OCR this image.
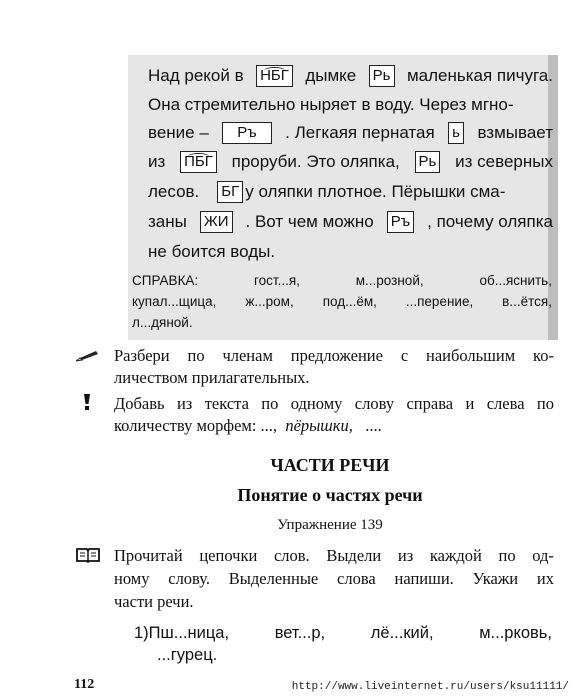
Над рекой в НБГ дымке Рь маленькая пичуга.
Она стремительно ныряет в воду. Через мгно-
вение –	Ръ	. Легкаяя пернатая ь взмывает
из ПБГ проруби. Это оляпка, Рь из северных
лесов. БГ у оляпки плотное. Пёрышки сма-
заны ЖИ . Вот чем можно Ръ , почему оляпка
не боится воды.
СПРАВКА:	гост...я,	м...розной,	об...яснить,
купал...щица, ж...ром, под...ём, ...перение, в...ётся,
л...дяной.
Разбери по членам предложение с наибольшим ко-
личеством прилагательных.
Добавь из текста по одному слову справа и слева по
количеству морфем: ..., пёрышки, ....
ЧАСТИ РЕЧИ
Понятие о частях речи
Упражнение 139
Прочитай цепочки слов. Выдели из каждой по од-
ному слову. Выделенные слова напиши. Укажи их
части речи.
1)Пш...ница,	вет...р,	лё...кий,	м...рковь,
...гурец.
112	http://www.liveinternet.ru/users/ksu11111/
